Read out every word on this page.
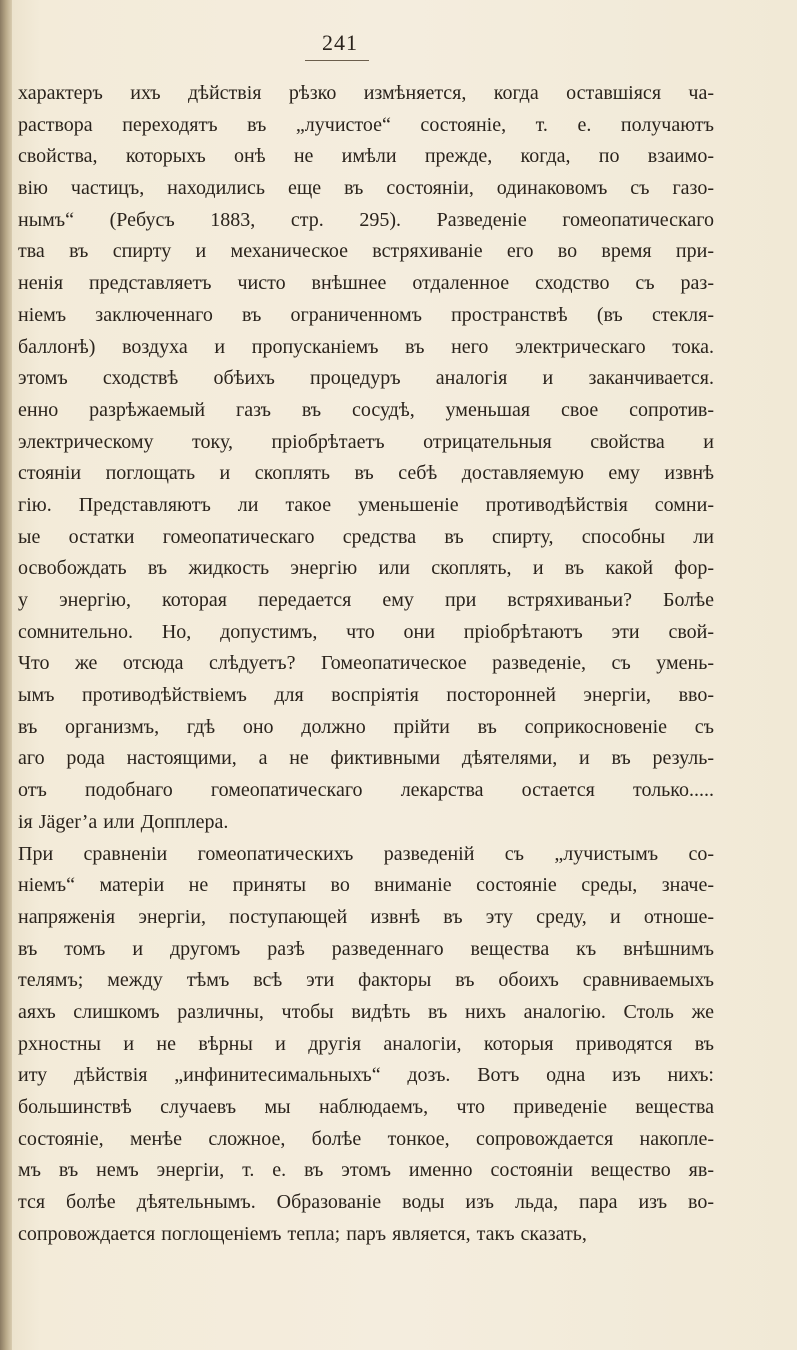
241
характеръ ихъ дѣйствія рѣзко измѣняется, когда оставшіяся ча-
раствора переходятъ въ „лучистое“ состояніе, т. е. получаютъ
свойства, которыхъ онѣ не имѣли прежде, когда, по взаимо-
вію частицъ, находились еще въ состояніи, одинаковомъ съ газо-
нымъ“ (Ребусъ 1883, стр. 295). Разведеніе гомеопатическаго
тва въ спирту и механическое встряхиваніе его во время при-
ненія представляетъ чисто внѣшнее отдаленное сходство съ раз-
ніемъ заключеннаго въ ограниченномъ пространствѣ (въ стекля-
баллонѣ) воздуха и пропусканіемъ въ него электрическаго тока.
этомъ сходствѣ обѣихъ процедуръ аналогія и заканчивается.
енно разрѣжаемый газъ въ сосудѣ, уменьшая свое сопротив-
электрическому току, пріобрѣтаетъ отрицательныя свойства и
стояніи поглощать и скоплять въ себѣ доставляемую ему извнѣ
гію. Представляютъ ли такое уменьшеніе противодѣйствія сомни-
ые остатки гомеопатическаго средства въ спирту, способны ли
освобождать въ жидкость энергію или скоплять, и въ какой фор-
у энергію, которая передается ему при встряхиваньи? Болѣе
сомнительно. Но, допустимъ, что они пріобрѣтаютъ эти свой-
Что же отсюда слѣдуетъ? Гомеопатическое разведеніе, съ умень-
ымъ противодѣйствіемъ для воспріятія посторонней энергіи, вво-
въ организмъ, гдѣ оно должно прійти въ соприкосновеніе съ
аго рода настоящими, а не фиктивными дѣятелями, и въ резуль-
отъ подобнаго гомеопатическаго лекарства остается только.....
ія Jäger’а или Допплера.
При сравненіи гомеопатическихъ разведеній съ „лучистымъ со-
ніемъ“ матеріи не приняты во вниманіе состояніе среды, значе-
напряженія энергіи, поступающей извнѣ въ эту среду, и отноше-
въ томъ и другомъ разѣ разведеннаго вещества къ внѣшнимъ
телямъ; между тѣмъ всѣ эти факторы въ обоихъ сравниваемыхъ
аяхъ слишкомъ различны, чтобы видѣть въ нихъ аналогію. Столь же
рхностны и не вѣрны и другія аналогіи, которыя приводятся въ
иту дѣйствія „инфинитесимальныхъ“ дозъ. Вотъ одна изъ нихъ:
большинствѣ случаевъ мы наблюдаемъ, что приведеніе вещества
состояніе, менѣе сложное, болѣе тонкое, сопровождается накопле-
мъ въ немъ энергіи, т. е. въ этомъ именно состояніи вещество яв-
тся болѣе дѣятельнымъ. Образованіе воды изъ льда, пара изъ во-
сопровождается поглощеніемъ тепла; паръ является, такъ сказать,
